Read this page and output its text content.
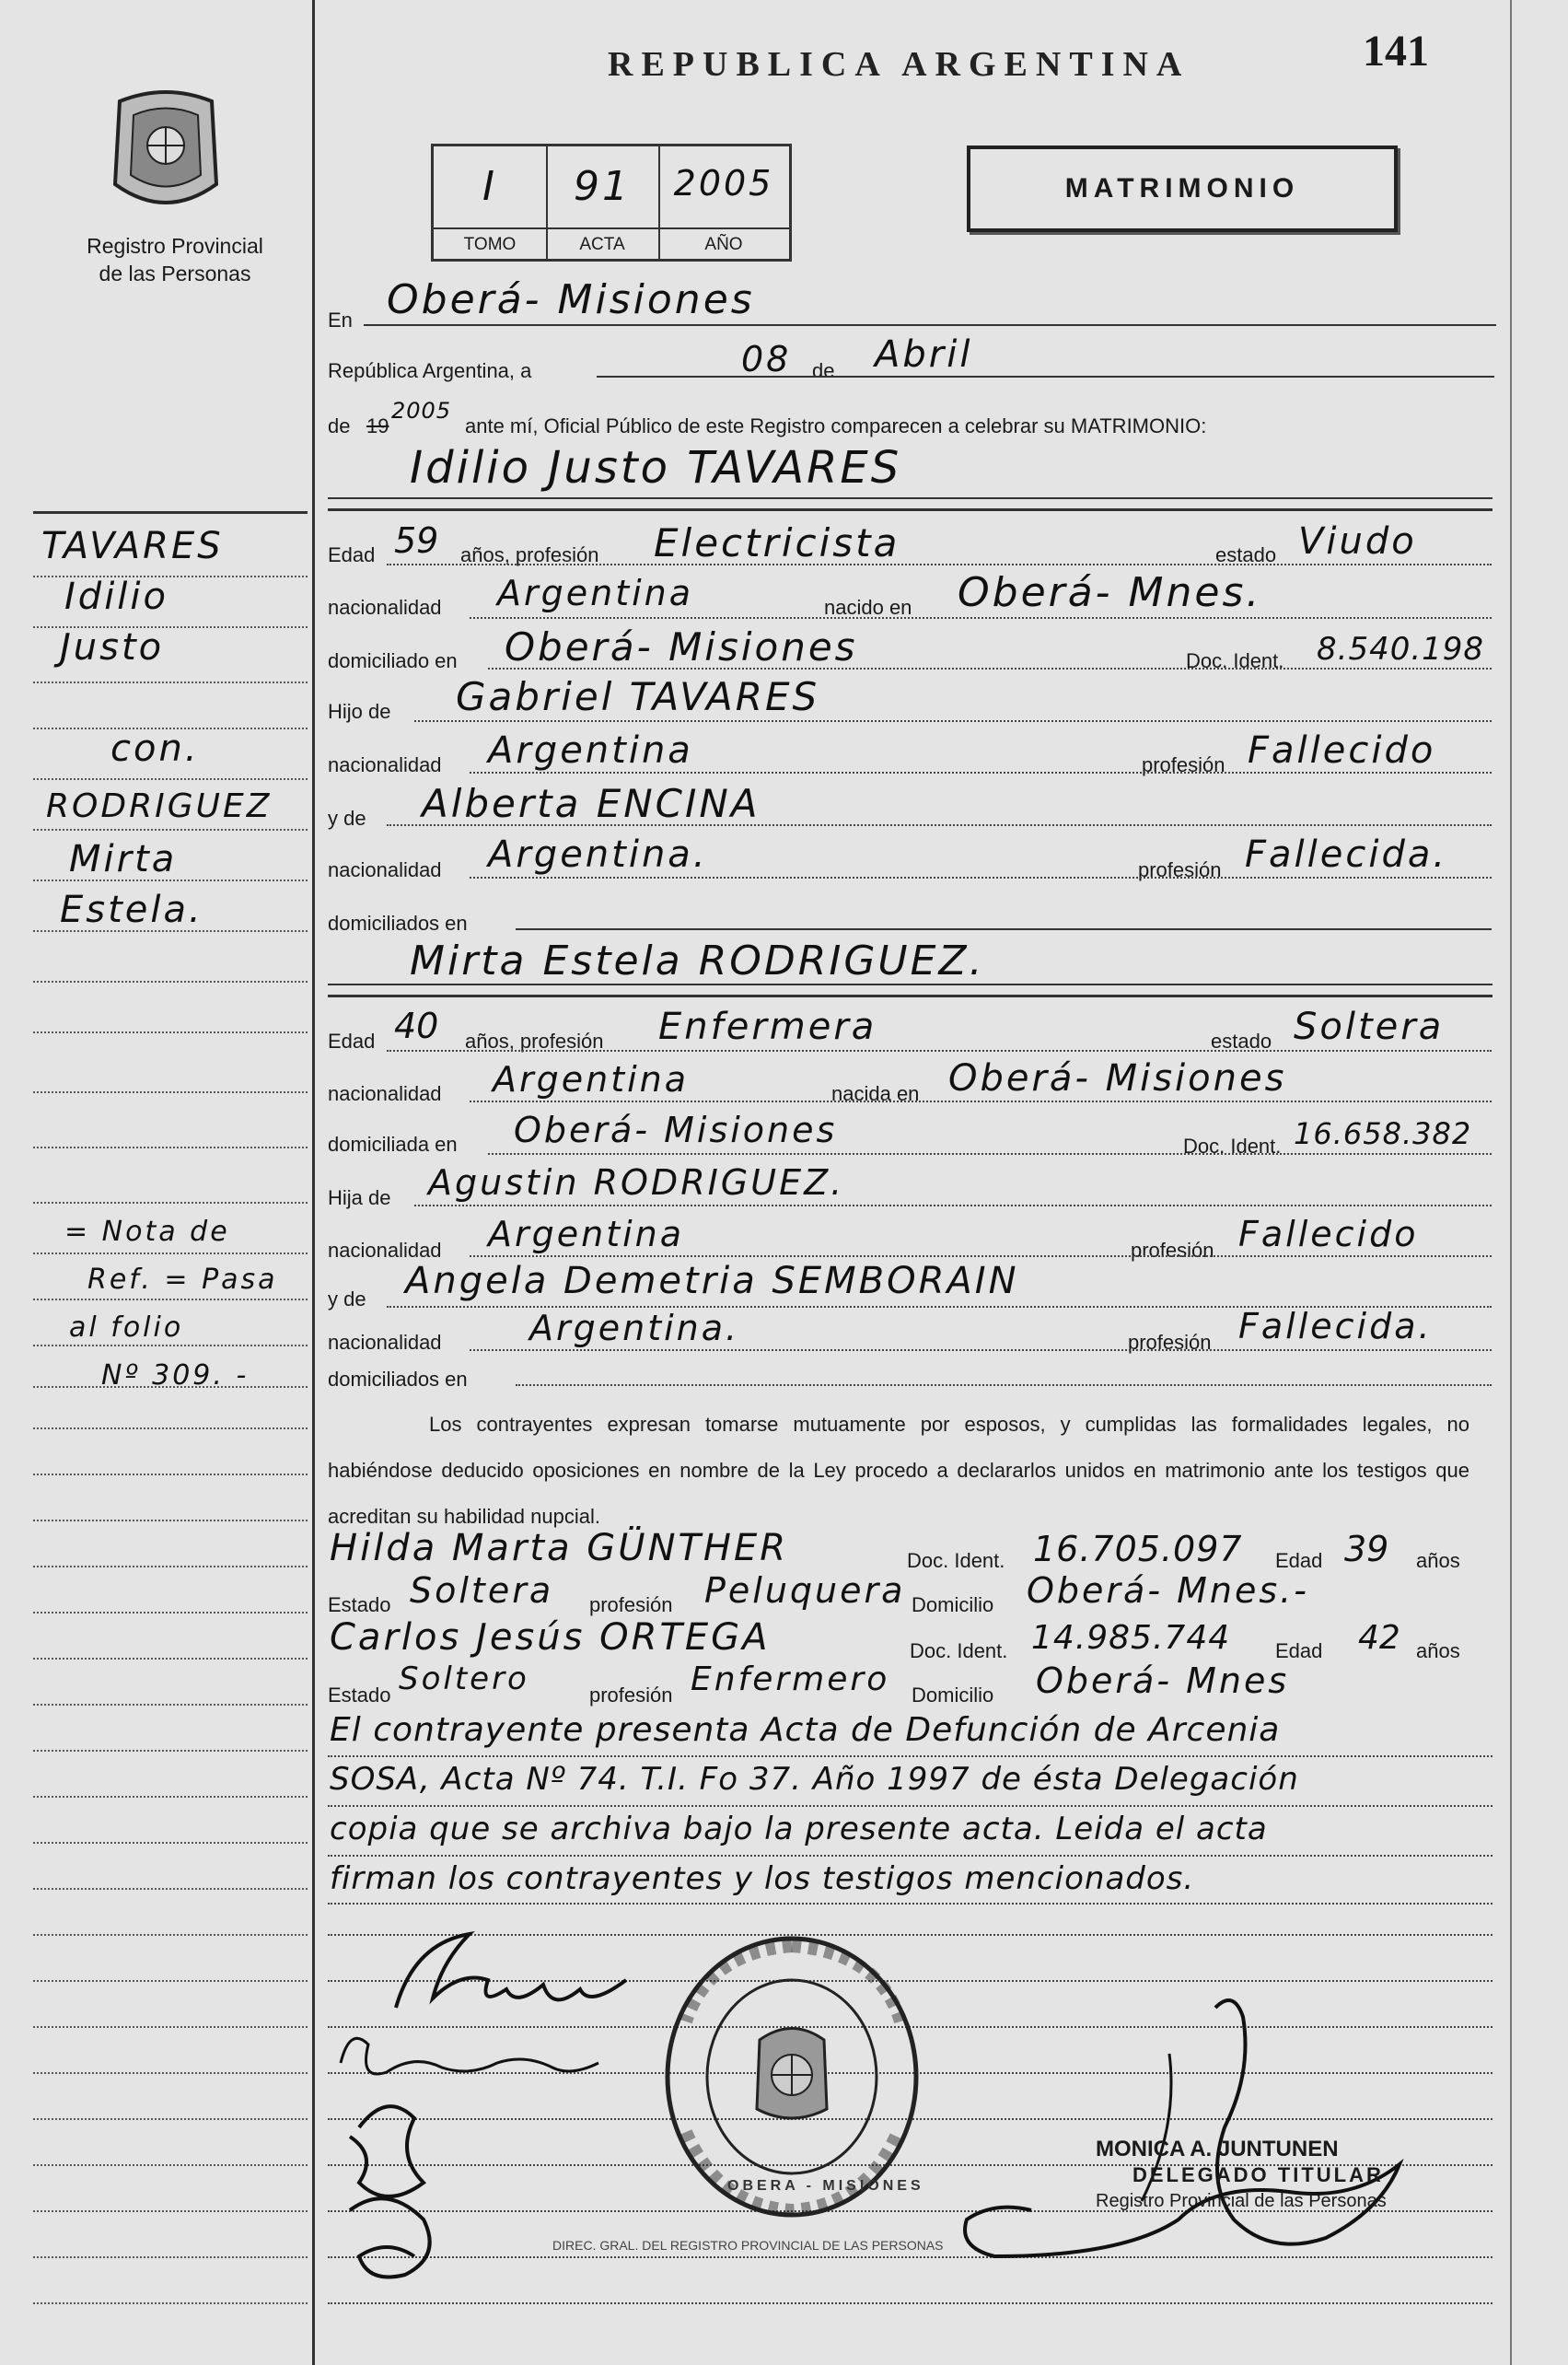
Registro Provincial de las Personas
TAVARES
Idilio
Justo
con.
RODRIGUEZ
Mirta
Estela.
= Nota de
Ref. = Pasa
al folio
Nº 309. -
REPUBLICA ARGENTINA	141
I
TOMO
91
ACTA
2005
AÑO
MATRIMONIO
En Oberá- Misiones
República Argentina, a	08 de Abril
de 19
2005
ante mí, Oficial Público de este Registro comparecen a celebrar su MATRIMONIO:
Idilio Justo TAVARES
Edad 59 años, profesión Electricista	estado Viudo
nacionalidad Argentina	nacido en Oberá- Mnes.
domiciliado en Oberá- Misiones	Doc. Ident. 8.540.198
Hijo de Gabriel TAVARES
nacionalidad Argentina	profesión Fallecido
y de Alberta ENCINA
nacionalidad Argentina.	profesión Fallecida.
domiciliados en
Mirta Estela RODRIGUEZ.
Edad 40 años, profesión Enfermera	estado Soltera
nacionalidad Argentina	nacida en Oberá- Misiones
domiciliada en Oberá- Misiones	Doc. Ident. 16.658.382
Hija de Agustin RODRIGUEZ.
nacionalidad Argentina	profesión Fallecido
y de Angela Demetria SEMBORAIN
nacionalidad	Argentina.	profesión Fallecida.
domiciliados en
Los contrayentes expresan tomarse mutuamente por esposos, y cumplidas las formalidades legales, no habiéndose deducido oposiciones en nombre de la Ley procedo a declararlos unidos en matrimonio ante los testigos que acreditan su habilidad nupcial.
Hilda Marta GÜNTHER	Doc. Ident. 16.705.097 Edad 39 años
Estado Soltera profesión Peluquera Domicilio Oberá- Mnes.-
Carlos Jesús ORTEGA	Doc. Ident. 14.985.744 Edad 42 años
Estado Soltero	profesión Enfermero Domicilio Oberá- Mnes
El contrayente presenta Acta de Defunción de Arcenia
SOSA, Acta Nº 74. T.I. Fo 37. Año 1997 de ésta Delegación
copia que se archiva bajo la presente acta. Leida el acta
firman los contrayentes y los testigos mencionados.
DIREC. GRAL. DEL REGISTRO PROVINCIAL DE LAS PERSONAS
OBERA - MISIONES
MONICA A. JUNTUNEN
DELEGADO TITULAR
Registro Provincial de las Personas
